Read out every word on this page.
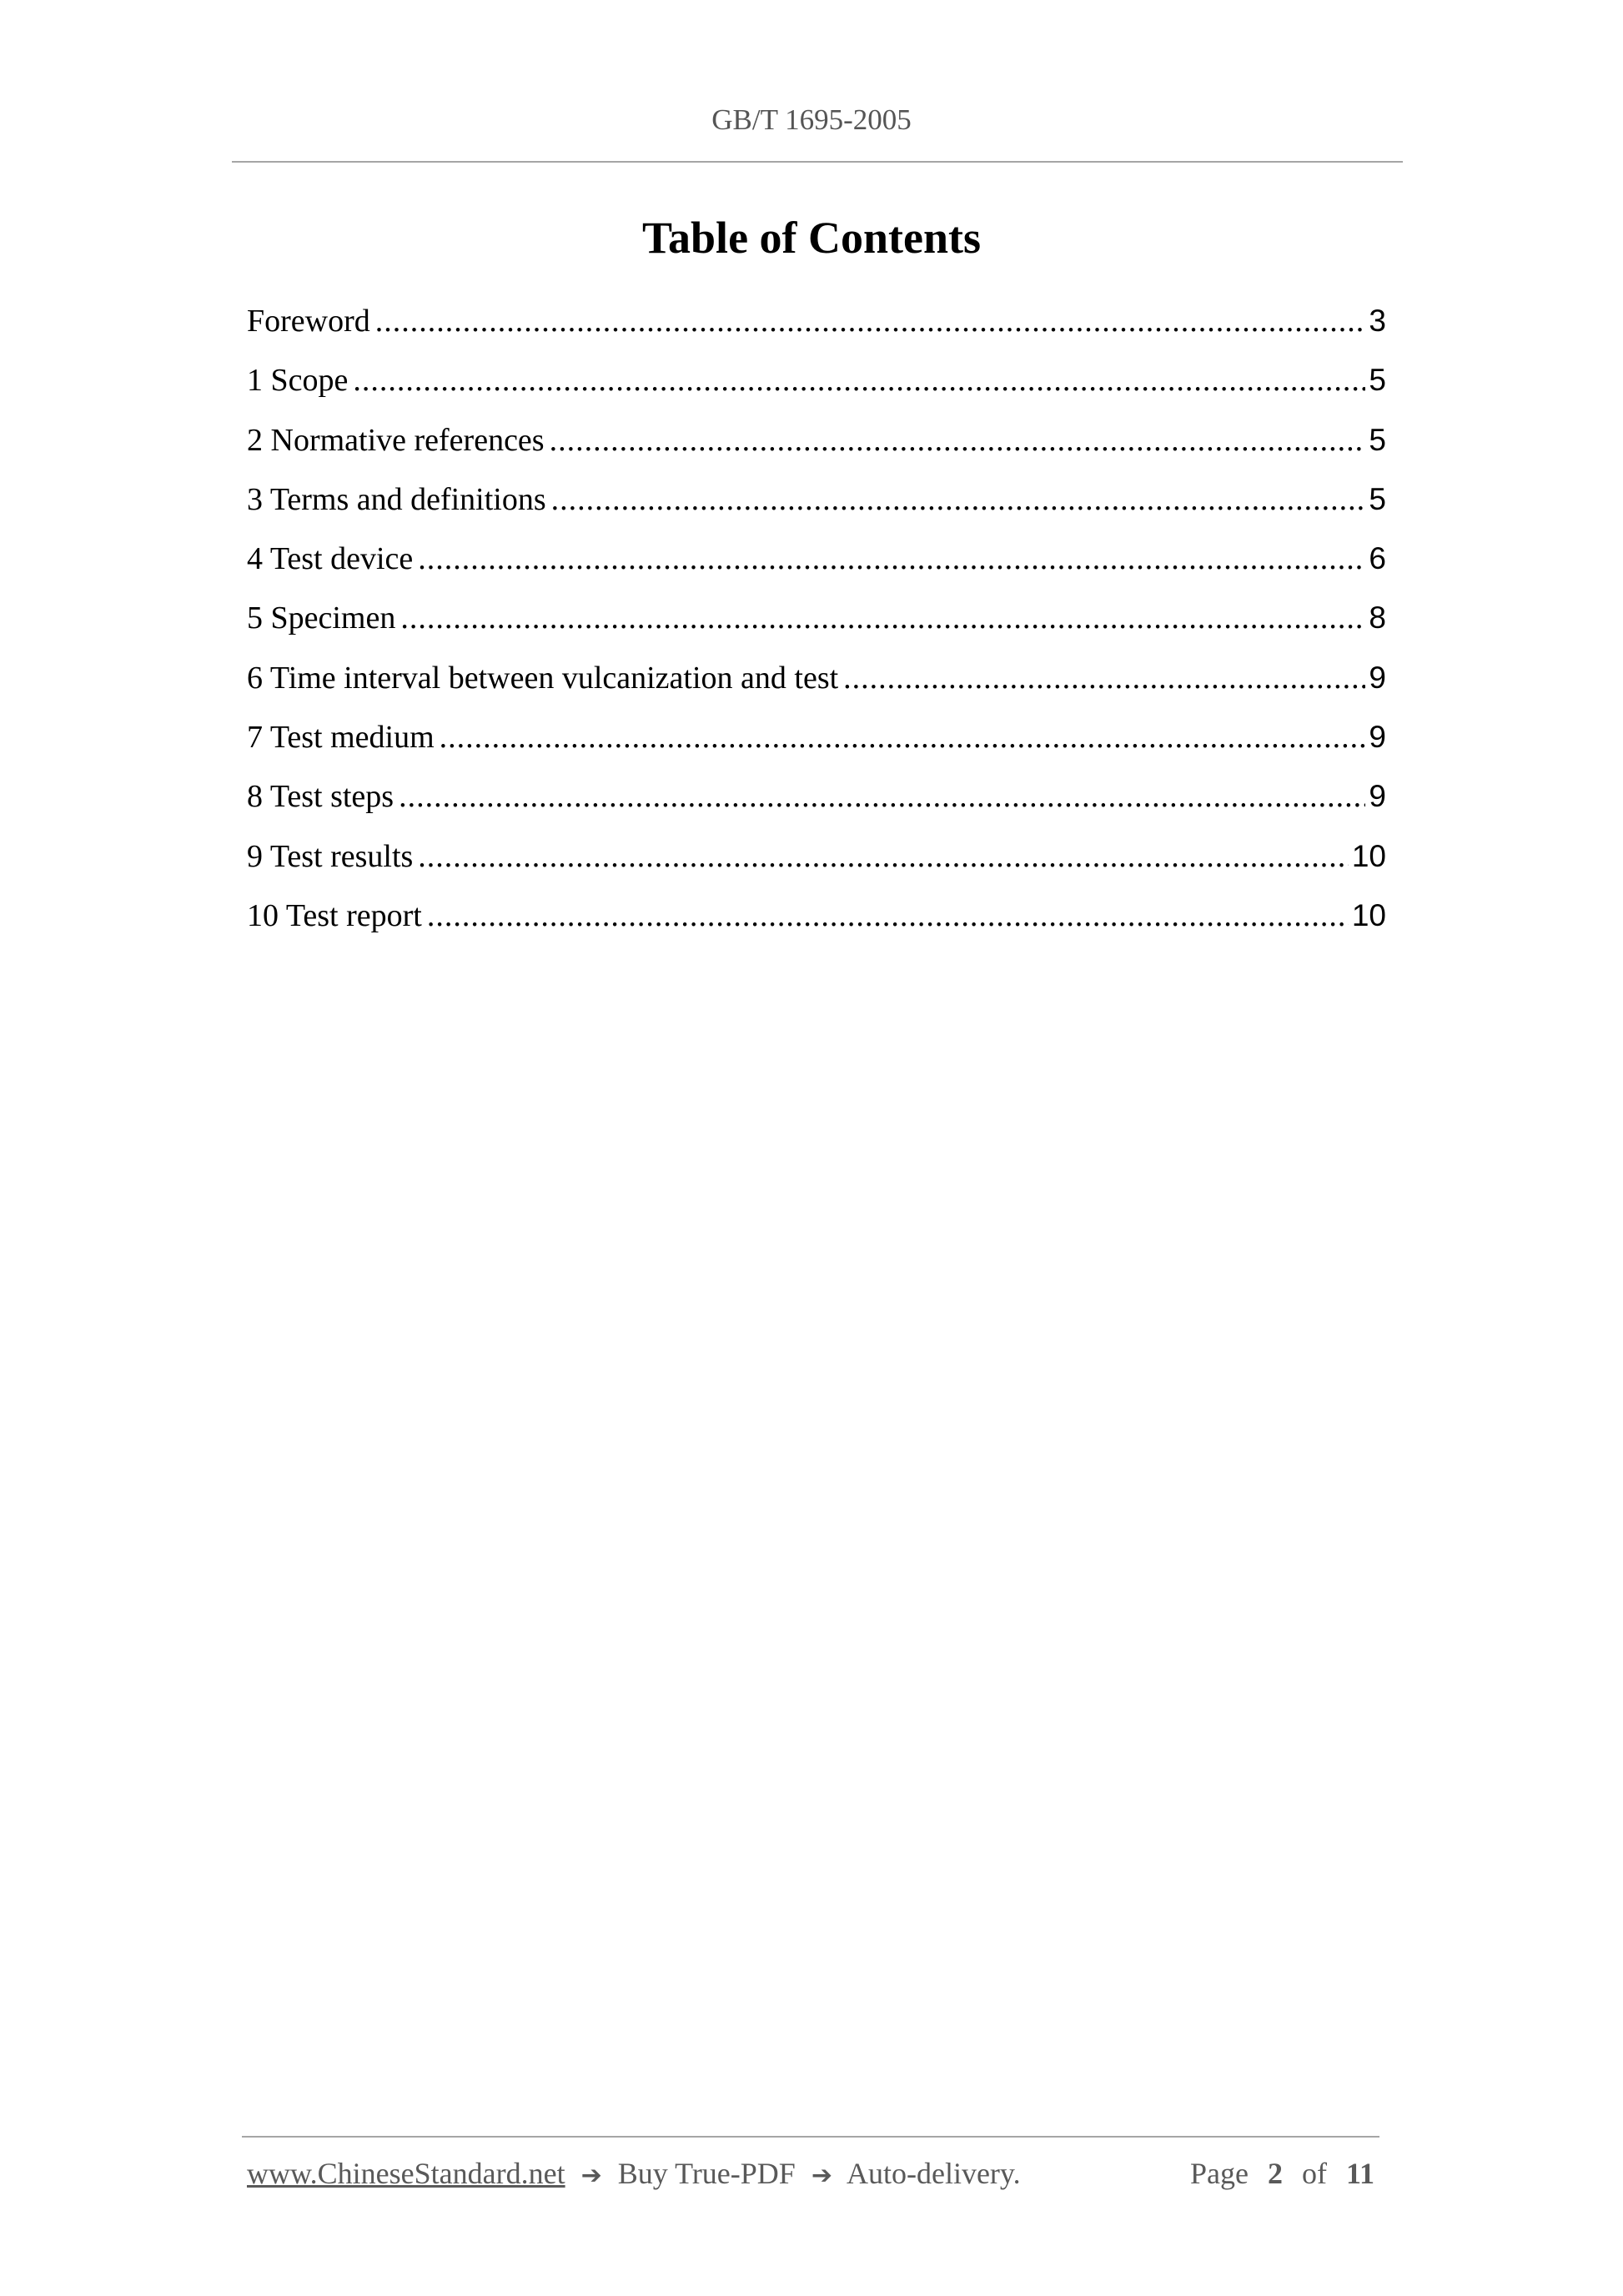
GB/T 1695-2005
Table of Contents
Foreword .....	3
1 Scope .....	5
2 Normative references .....	5
3 Terms and definitions .....	5
4 Test device .....	6
5 Specimen .....	8
6 Time interval between vulcanization and test .....	9
7 Test medium .....	9
8 Test steps .....	9
9 Test results .....	10
10 Test report .....	10
www.ChineseStandard.net ➔ Buy True-PDF ➔ Auto-delivery.	Page 2 of 11
